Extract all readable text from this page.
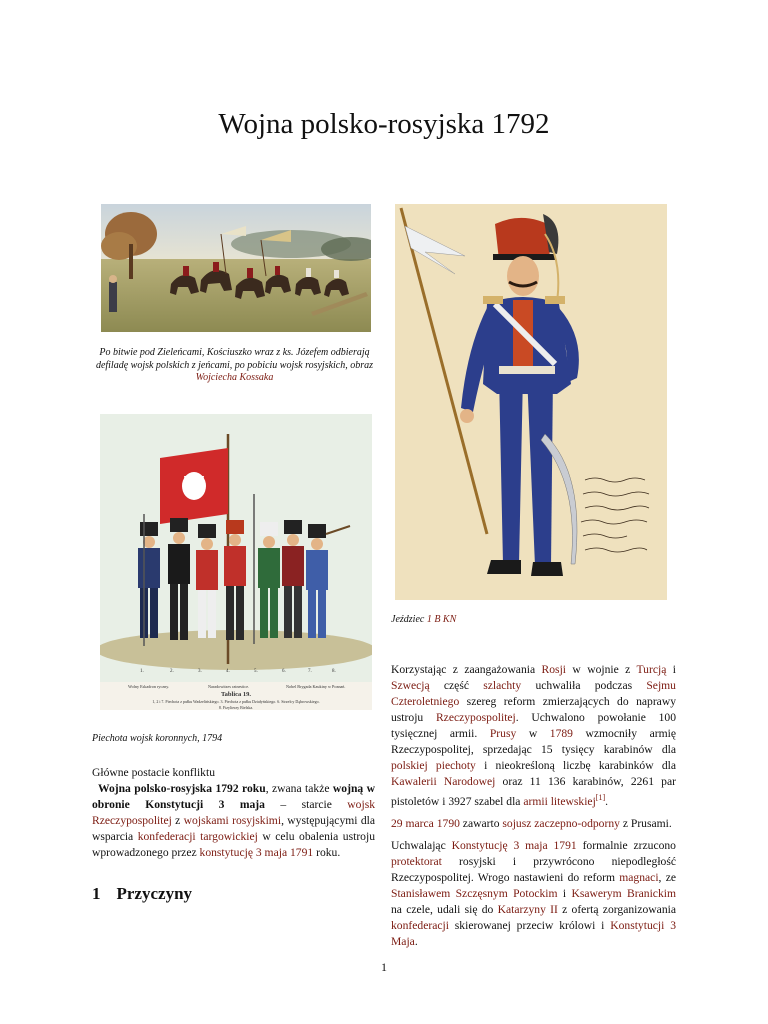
Wojna polsko-rosyjska 1792
Po bitwie pod Zieleńcami, Kościuszko wraz z ks. Józefem odbierają defiladę wojsk polskich z jeńcami, po pobiciu wojsk rosyjskich, obraz Wojciecha Kossaka
Jeździec 1 B KN
1.	2.	3.	4.	5.	6.	7.	8.
Wolny Eskadron ryczny.	Naradowitzes ratnestice.	Nobel Brygada Kaukiny w Poznań.
Tablica 19.
1, 2 i 7. Piechota z pułku Wadzelińskiego. 3. Piechota z pułku Działyńskiego. 6. Strzelcy Dąbrowskiego.
8. Fizylierzy Bielska.
Piechota wojsk koronnych, 1794
Główne postacie konfliktu

Wojna polsko-rosyjska 1792 roku, zwana także wojną w obronie Konstytucji 3 maja – starcie wojsk Rzeczypospolitej z wojskami rosyjskimi, występującymi dla wsparcia konfederacji targowickiej w celu obalenia ustroju wprowadzonego przez konstytucję 3 maja 1791 roku.

1 Przyczyny

Korzystając z zaangażowania Rosji w wojnie z Turcją i Szwecją część szlachty uchwaliła podczas Sejmu Czteroletniego szereg reform zmierzających do naprawy ustroju Rzeczypospolitej. Uchwalono powołanie 100 tysięcznej armii. Prusy w 1789 wzmocniły armię Rzeczypospolitej, sprzedając 15 tysięcy karabinów dla polskiej piechoty i nieokreśloną liczbę karabinków dla Kawalerii Narodowej oraz 11 136 karabinów, 2261 par pistoletów i 3927 szabel dla armii litewskiej[1].

29 marca 1790 zawarto sojusz zaczepno-odporny z Prusami.

Uchwalając Konstytucję 3 maja 1791 formalnie zrzucono protektorat rosyjski i przywrócono niepodległość Rzeczypospolitej. Wrogo nastawieni do reform magnaci, ze Stanisławem Szczęsnym Potockim i Ksawerym Branickim na czele, udali się do Katarzyny II z ofertą zorganizowania konfederacji skierowanej przeciw królowi i Konstytucji 3 Maja.

1
